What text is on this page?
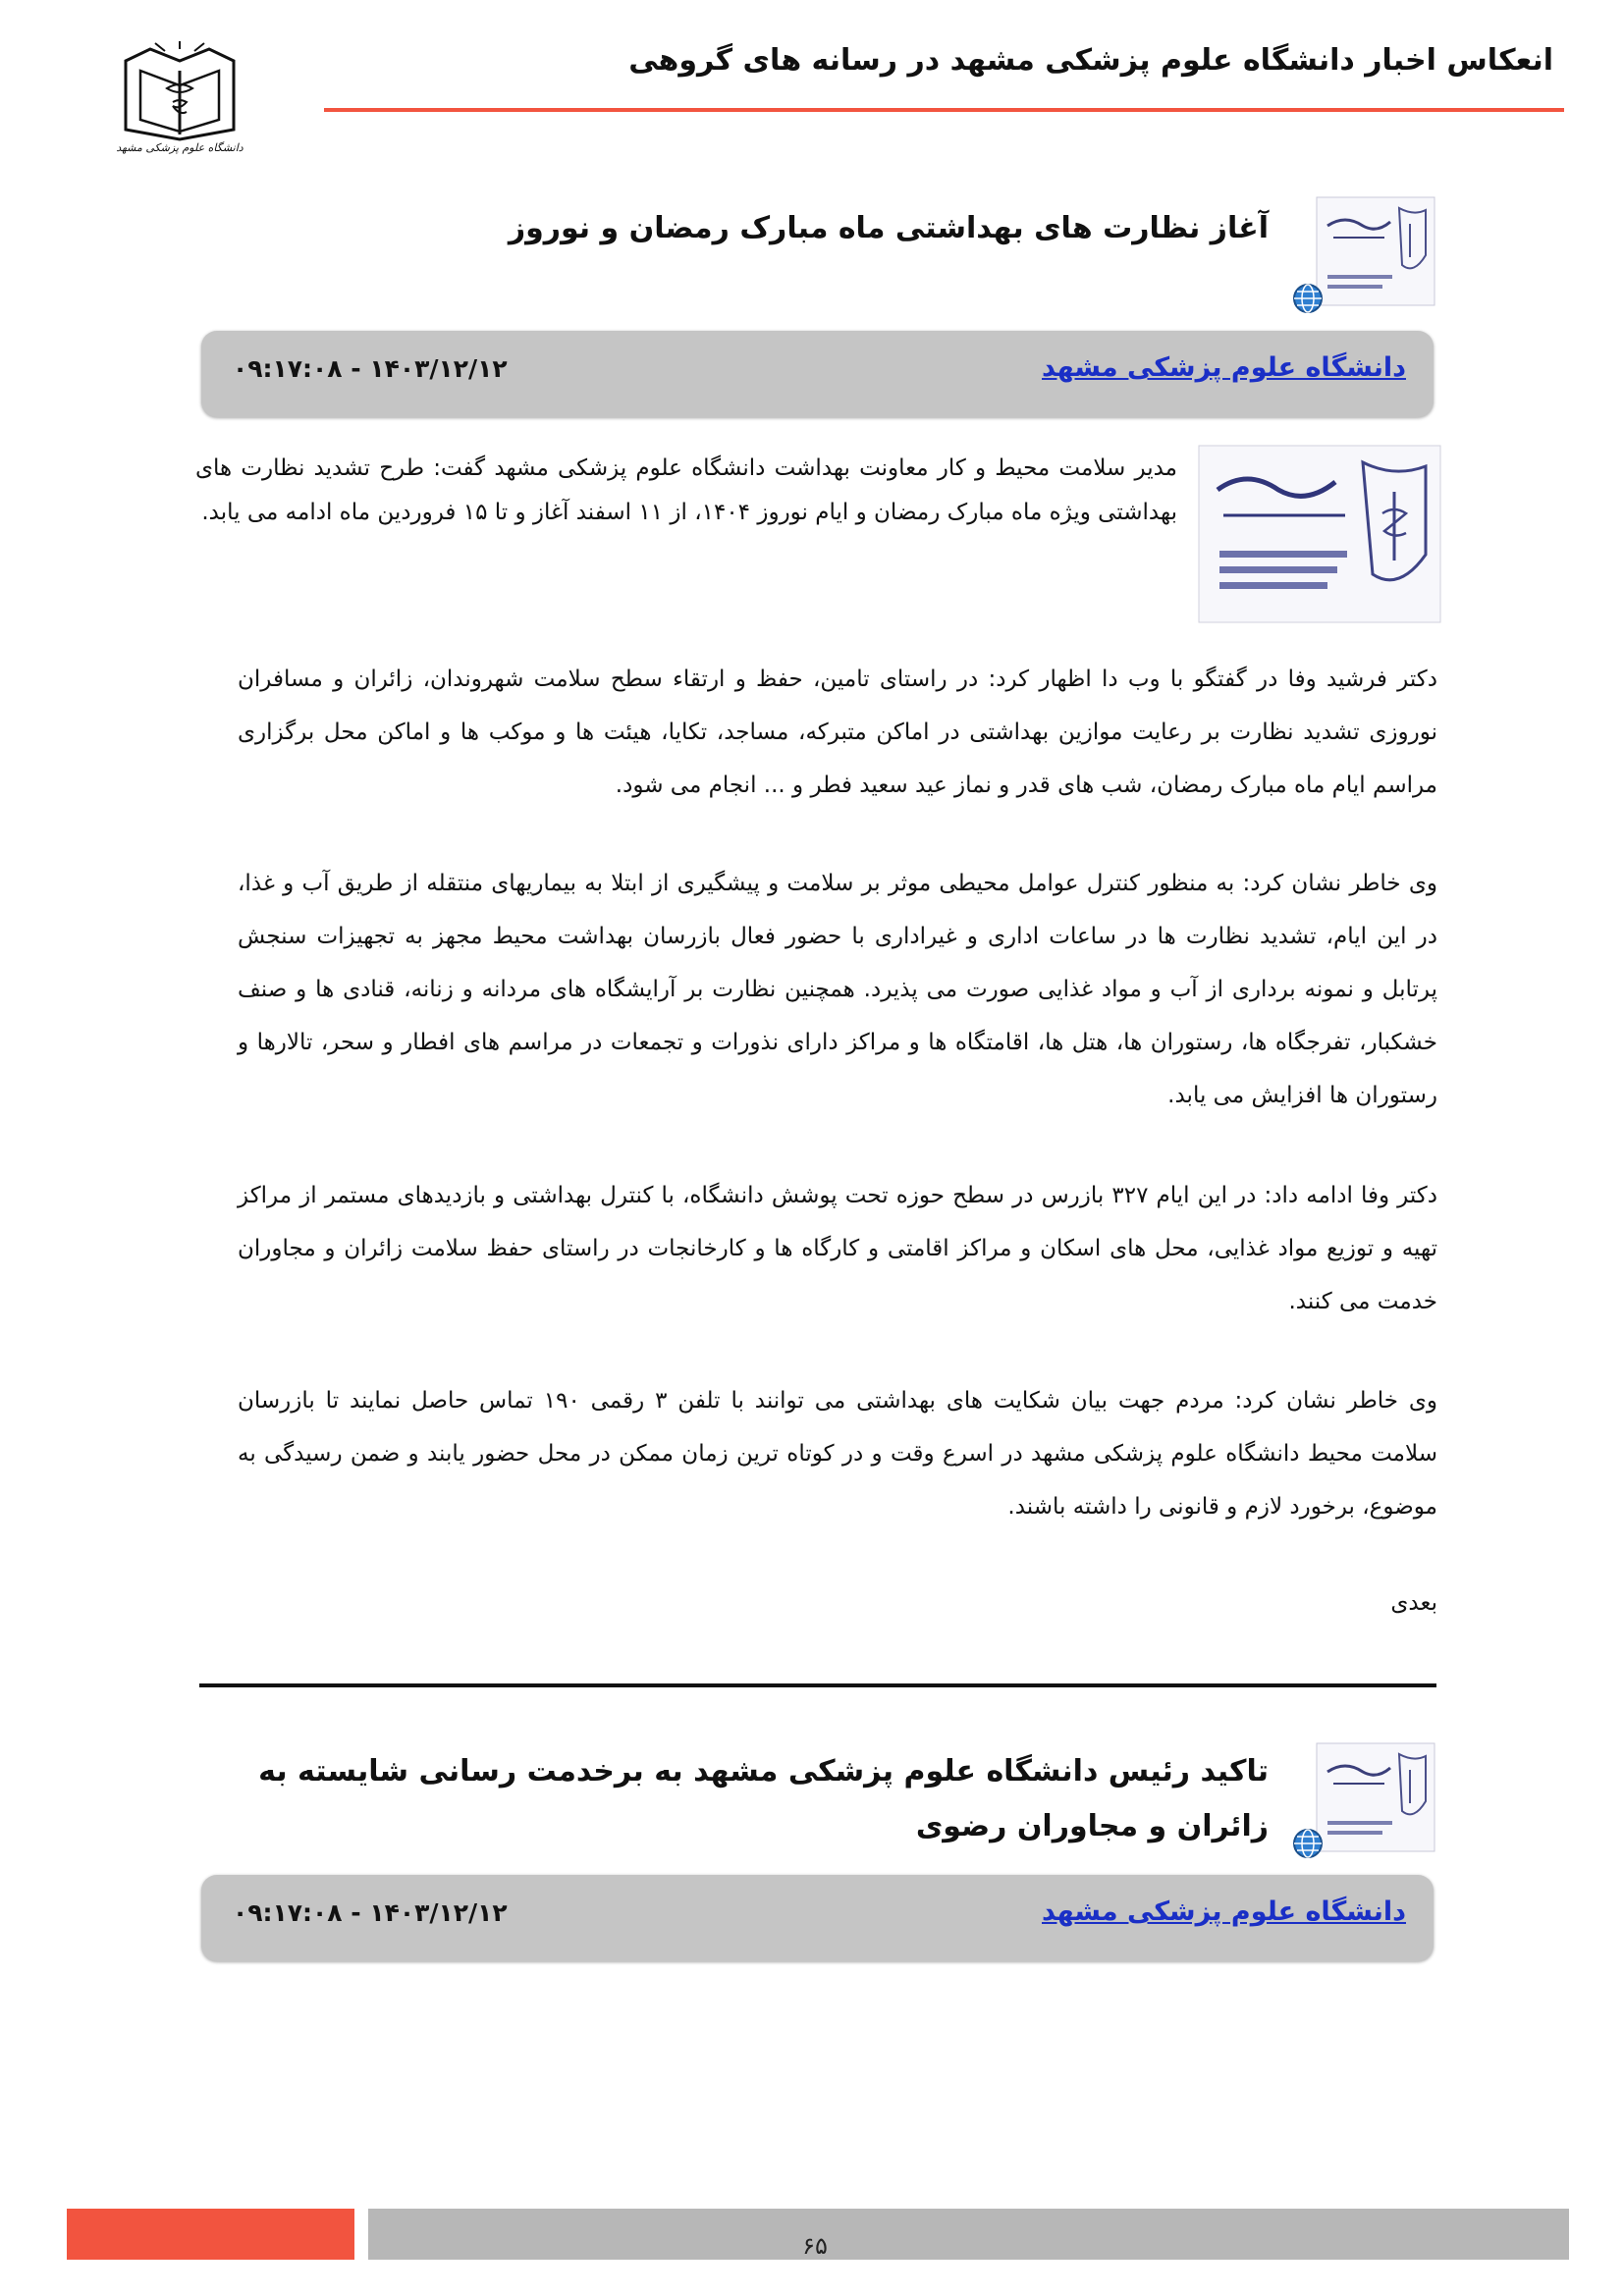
انعکاس اخبار دانشگاه علوم پزشکی مشهد در رسانه های گروهی
دانشگاه علوم پزشکی مشهد
آغاز نظارت های بهداشتی ماه مبارک رمضان و نوروز
دانشگاه علوم پزشکی مشهد
۱۴۰۳/۱۲/۱۲ - ۰۹:۱۷:۰۸
مدیر سلامت محیط و کار معاونت بهداشت دانشگاه علوم پزشکی مشهد گفت: طرح تشدید نظارت های بهداشتی ویژه ماه مبارک رمضان و ایام نوروز ۱۴۰۴، از ۱۱ اسفند آغاز و تا ۱۵ فروردین ماه ادامه می یابد.
دکتر فرشید وفا در گفتگو با وب دا اظهار کرد: در راستای تامین، حفظ و ارتقاء سطح سلامت شهروندان، زائران و مسافران نوروزی تشدید نظارت بر رعایت موازین بهداشتی در اماکن متبرکه، مساجد، تکایا، هیئت ها و موکب ها و اماکن محل برگزاری مراسم ایام ماه مبارک رمضان، شب های قدر و نماز عید سعید فطر و ... انجام می شود.
وی خاطر نشان کرد: به منظور کنترل عوامل محیطی موثر بر سلامت و پیشگیری از ابتلا به بیماریهای منتقله از طریق آب و غذا، در این ایام، تشدید نظارت ها در ساعات اداری و غیراداری با حضور فعال بازرسان بهداشت محیط مجهز به تجهیزات سنجش پرتابل و نمونه برداری از آب و مواد غذایی صورت می پذیرد. همچنین نظارت بر آرایشگاه های مردانه و زنانه، قنادی ها و صنف خشکبار، تفرجگاه ها، رستوران ها، هتل ها، اقامتگاه ها و مراکز دارای نذورات و تجمعات در مراسم های افطار و سحر، تالارها و رستوران ها افزایش می یابد.
دکتر وفا ادامه داد: در این ایام ۳۲۷ بازرس در سطح حوزه تحت پوشش دانشگاه، با کنترل بهداشتی و بازدیدهای مستمر از مراکز تهیه و توزیع مواد غذایی، محل های اسکان و مراکز اقامتی و کارگاه ها و کارخانجات در راستای حفظ سلامت زائران و مجاوران خدمت می کنند.
وی خاطر نشان کرد: مردم جهت بیان شکایت های بهداشتی می توانند با تلفن ۳ رقمی ۱۹۰ تماس حاصل نمایند تا بازرسان سلامت محیط دانشگاه علوم پزشکی مشهد در اسرع وقت و در کوتاه ترین زمان ممکن در محل حضور یابند و ضمن رسیدگی به موضوع، برخورد لازم و قانونی را داشته باشند.
بعدی
تاکید رئیس دانشگاه علوم پزشکی مشهد به برخدمت رسانی شایسته به زائران و مجاوران رضوی
دانشگاه علوم پزشکی مشهد
۱۴۰۳/۱۲/۱۲ - ۰۹:۱۷:۰۸
۶۵
